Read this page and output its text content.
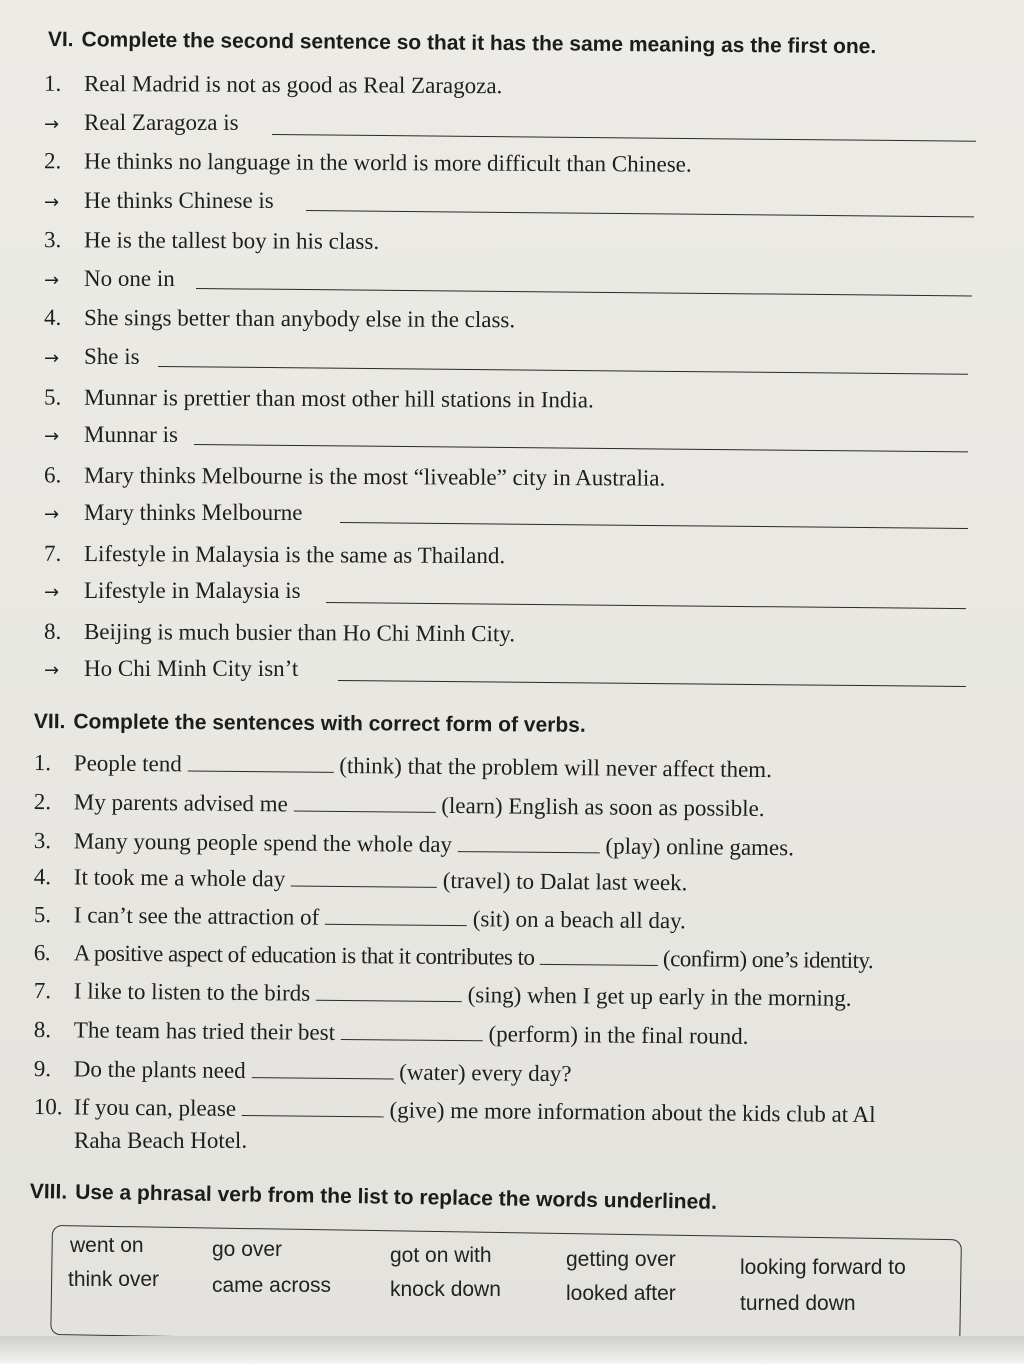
VI. Complete the second sentence so that it has the same meaning as the first one.
1. Real Madrid is not as good as Real Zaragoza.
→ Real Zaragoza is
2. He thinks no language in the world is more difficult than Chinese.
→ He thinks Chinese is
3. He is the tallest boy in his class.
→ No one in
4. She sings better than anybody else in the class.
→ She is
5. Munnar is prettier than most other hill stations in India.
→ Munnar is
6. Mary thinks Melbourne is the most “liveable” city in Australia.
→ Mary thinks Melbourne
7. Lifestyle in Malaysia is the same as Thailand.
→ Lifestyle in Malaysia is
8. Beijing is much busier than Ho Chi Minh City.
→ Ho Chi Minh City isn’t
VII. Complete the sentences with correct form of verbs.
1. People tend	(think) that the problem will never affect them.
2. My parents advised me	(learn) English as soon as possible.
3. Many young people spend the whole day	(play) online games.
4. It took me a whole day	(travel) to Dalat last week.
5. I can’t see the attraction of	(sit) on a beach all day.
6. A positive aspect of education is that it contributes to	(confirm) one’s identity.
7. I like to listen to the birds	(sing) when I get up early in the morning.
8. The team has tried their best	(perform) in the final round.
9. Do the plants need	(water) every day?
10. If you can, please	(give) me more information about the kids club at Al
Raha Beach Hotel.
VIII. Use a phrasal verb from the list to replace the words underlined.
went on	go over	got on with	getting over	looking forward to
think over	came across	knock down	looked after	turned down
